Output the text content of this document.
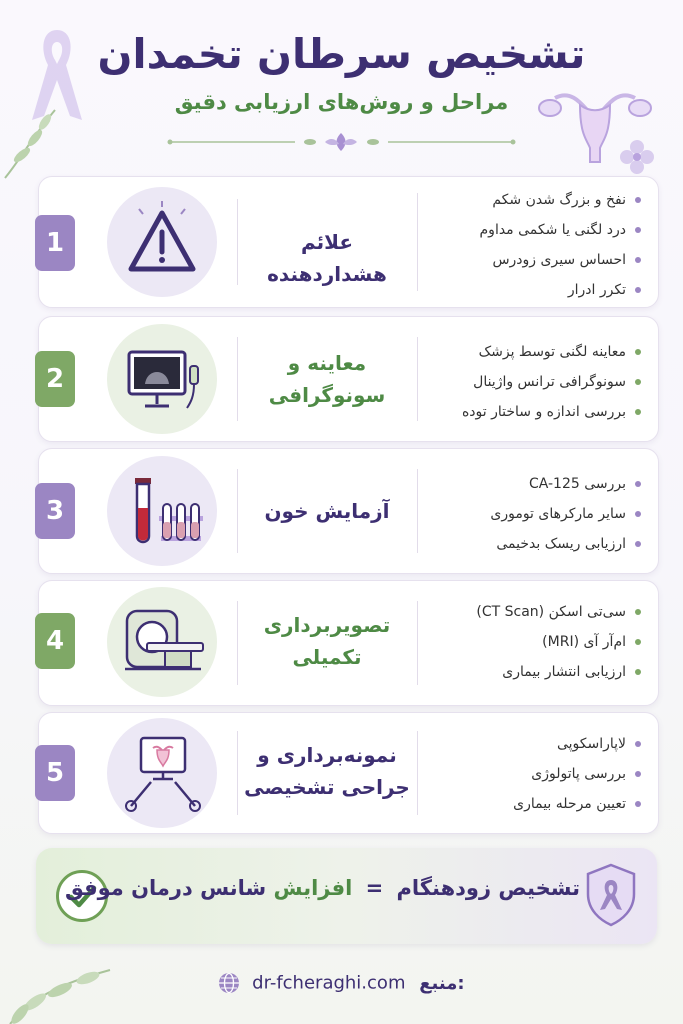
تشخیص سرطان تخمدان
مراحل و روش‌های ارزیابی دقیق
1	علائم هشداردهنده
نفخ و بزرگ شدن شکم
درد لگنی یا شکمی مداوم
احساس سیری زودرس
تکرر ادرار
2
معاینه و
سونوگرافی
معاینه لگنی توسط پزشک
سونوگرافی ترانس واژینال
بررسی اندازه و ساختار توده
3	آزمایش خون
بررسی CA-125
سایر مارکرهای توموری
ارزیابی ریسک بدخیمی
4
تصویربرداری
تکمیلی
سی‌تی اسکن (CT Scan)
ام‌آر آی (MRI)
ارزیابی انتشار بیماری
5
نمونه‌برداری و
جراحی تشخیصی
لاپاراسکوپی
بررسی پاتولوژی
تعیین مرحله بیماری
تشخیص زودهنگام = افزایش شانس درمان موفق
dr-fcheraghi.com منبع:
